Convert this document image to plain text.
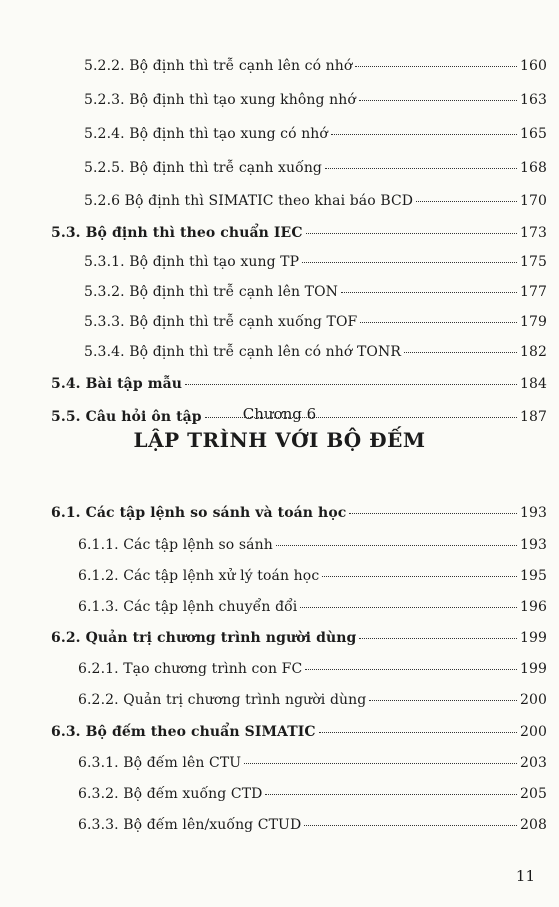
5.2.2. Bộ định thì trễ cạnh lên có nhớ	160
5.2.3. Bộ định thì tạo xung không nhớ	163
5.2.4. Bộ định thì tạo xung có nhớ	165
5.2.5. Bộ định thì trễ cạnh xuống	168
5.2.6 Bộ định thì SIMATIC theo khai báo BCD	170
5.3. Bộ định thì theo chuẩn IEC	173
5.3.1. Bộ định thì tạo xung TP	175
5.3.2. Bộ định thì trễ cạnh lên TON	177
5.3.3. Bộ định thì trễ cạnh xuống TOF	179
5.3.4. Bộ định thì trễ cạnh lên có nhớ TONR	182
5.4. Bài tập mẫu	184
5.5. Câu hỏi ôn tập	187
Chương 6
LẬP TRÌNH VỚI BỘ ĐẾM
6.1. Các tập lệnh so sánh và toán học	193
6.1.1. Các tập lệnh so sánh	193
6.1.2. Các tập lệnh xử lý toán học	195
6.1.3. Các tập lệnh chuyển đổi	196
6.2. Quản trị chương trình người dùng	199
6.2.1. Tạo chương trình con FC	199
6.2.2. Quản trị chương trình người dùng	200
6.3. Bộ đếm theo chuẩn SIMATIC	200
6.3.1. Bộ đếm lên CTU	203
6.3.2. Bộ đếm xuống CTD	205
6.3.3. Bộ đếm lên/xuống CTUD	208
11
